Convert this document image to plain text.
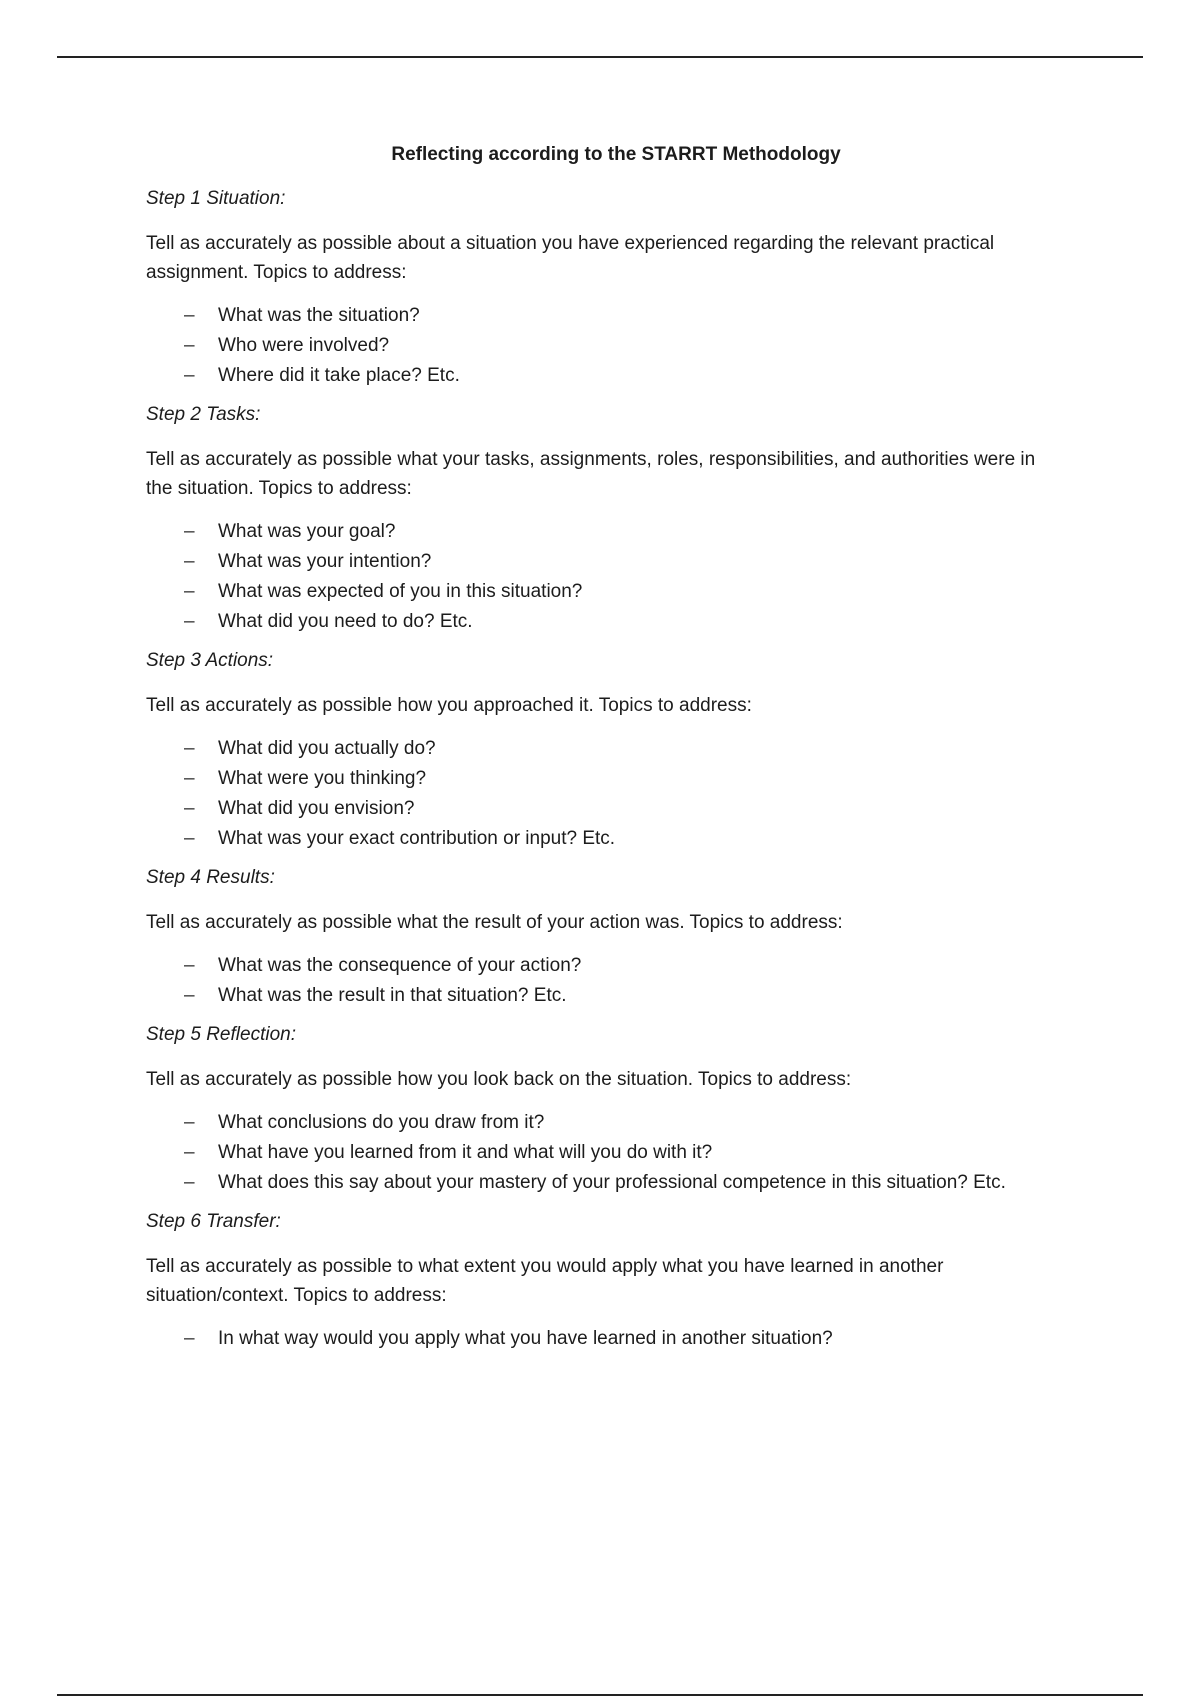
Reflecting according to the STARRT Methodology
Step 1 Situation:
Tell as accurately as possible about a situation you have experienced regarding the relevant practical assignment. Topics to address:
– What was the situation?
– Who were involved?
– Where did it take place? Etc.
Step 2 Tasks:
Tell as accurately as possible what your tasks, assignments, roles, responsibilities, and authorities were in the situation. Topics to address:
– What was your goal?
– What was your intention?
– What was expected of you in this situation?
– What did you need to do? Etc.
Step 3 Actions:
Tell as accurately as possible how you approached it. Topics to address:
– What did you actually do?
– What were you thinking?
– What did you envision?
– What was your exact contribution or input? Etc.
Step 4 Results:
Tell as accurately as possible what the result of your action was. Topics to address:
– What was the consequence of your action?
– What was the result in that situation? Etc.
Step 5 Reflection:
Tell as accurately as possible how you look back on the situation. Topics to address:
– What conclusions do you draw from it?
– What have you learned from it and what will you do with it?
– What does this say about your mastery of your professional competence in this situation? Etc.
Step 6 Transfer:
Tell as accurately as possible to what extent you would apply what you have learned in another situation/context. Topics to address:
– In what way would you apply what you have learned in another situation?
